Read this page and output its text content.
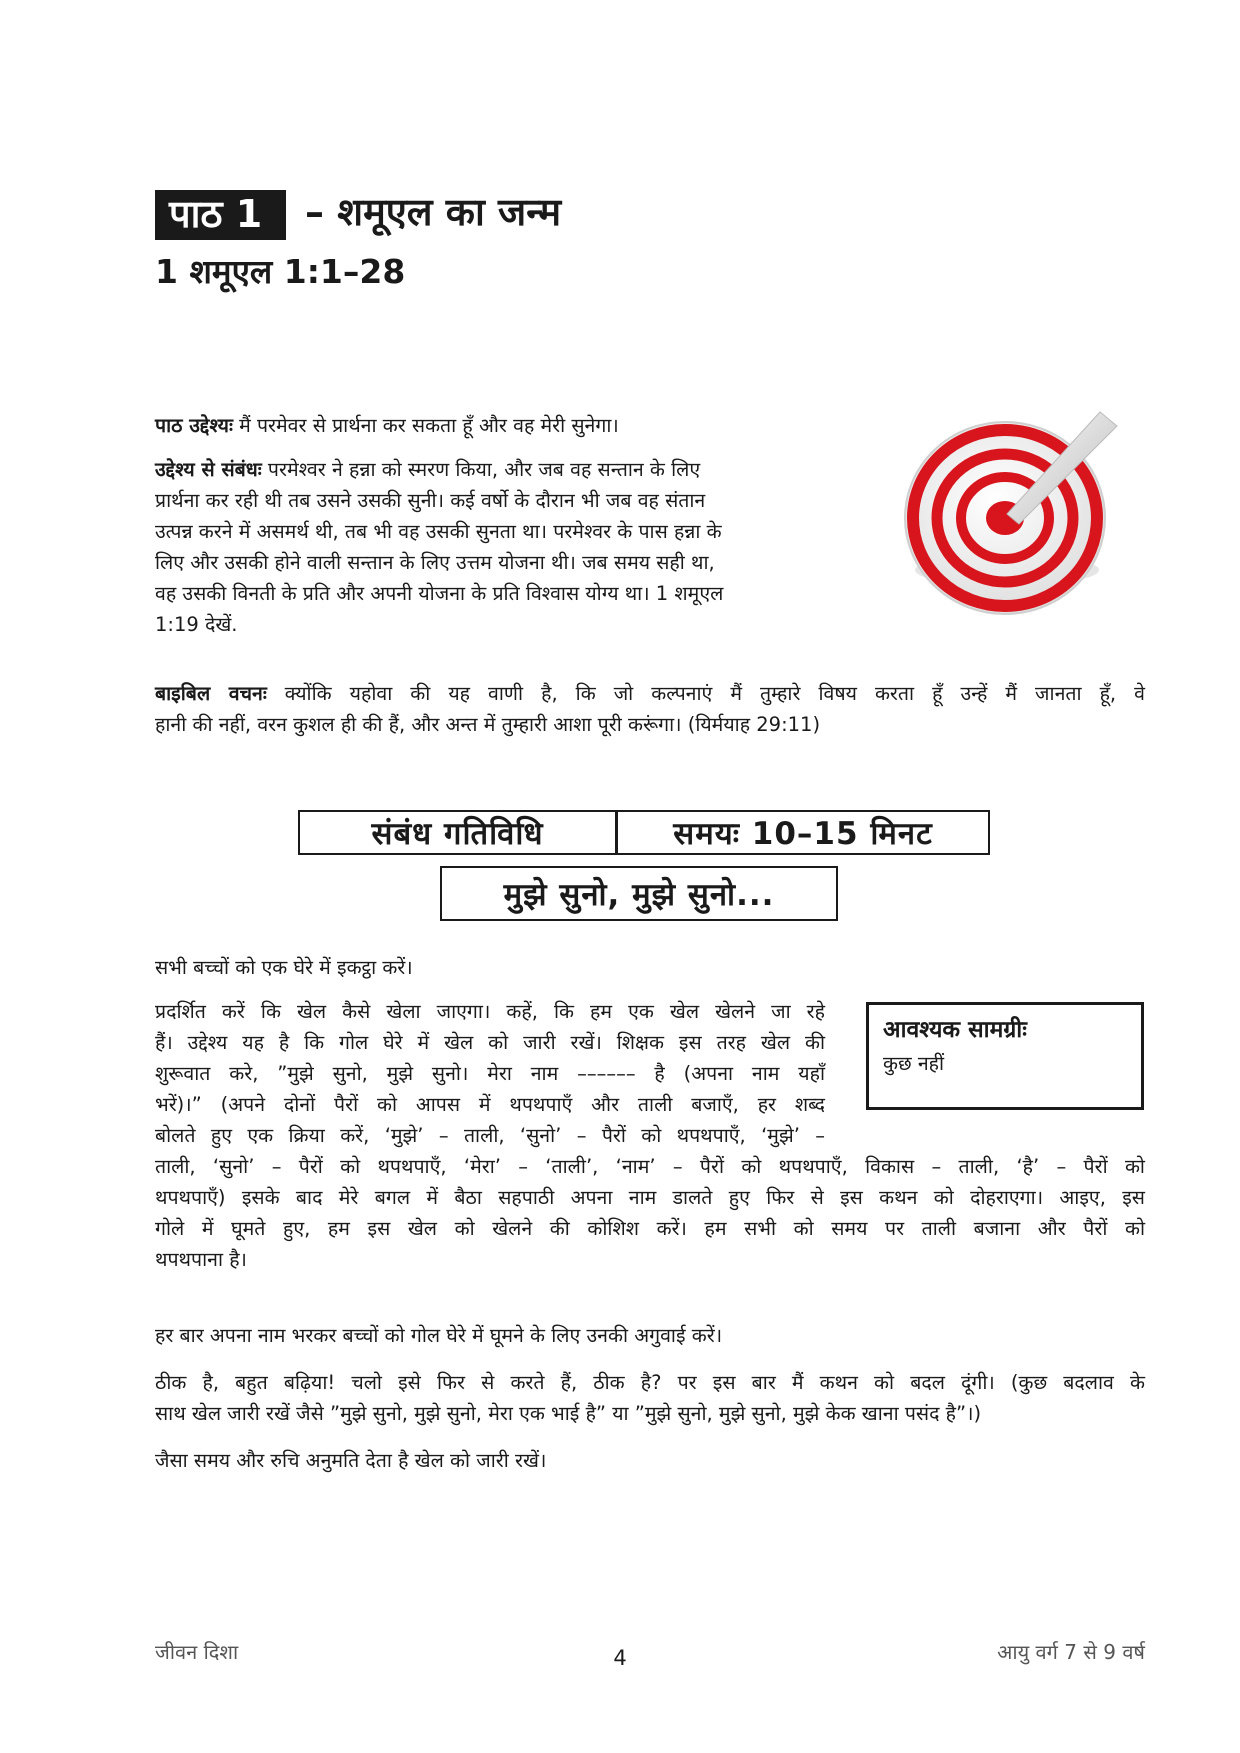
पाठ 1	– शमूएल का जन्म
1 शमूएल 1:1–28
पाठ उद्देश्यः मैं परमेवर से प्रार्थना कर सकता हूँ और वह मेरी सुनेगा।
उद्देश्य से संबंधः परमेश्वर ने हन्ना को स्मरण किया, और जब वह सन्तान के लिए
प्रार्थना कर रही थी तब उसने उसकी सुनी। कई वर्षो के दौरान भी जब वह संतान
उत्पन्न करने में असमर्थ थी, तब भी वह उसकी सुनता था। परमेश्वर के पास हन्ना के
लिए और उसकी होने वाली सन्तान के लिए उत्तम योजना थी। जब समय सही था,
वह उसकी विनती के प्रति और अपनी योजना के प्रति विश्वास योग्य था। 1 शमूएल
1:19 देखें.
बाइबिल वचनः क्योंकि यहोवा की यह वाणी है, कि जो कल्पनाएं मैं तुम्हारे विषय करता हूँ उन्हें मैं जानता हूँ, वे
हानी की नहीं, वरन कुशल ही की हैं, और अन्त में तुम्हारी आशा पूरी करूंगा। (यिर्मयाह 29:11)
संबंध गतिविधि	समयः 10–15 मिनट
मुझे सुनो, मुझे सुनो...
सभी बच्चों को एक घेरे में इकट्ठा करें।
आवश्यक सामग्रीः
कुछ नहीं
प्रदर्शित करें कि खेल कैसे खेला जाएगा। कहें, कि हम एक खेल खेलने जा रहे
हैं। उद्देश्य यह है कि गोल घेरे में खेल को जारी रखें। शिक्षक इस तरह खेल की
शुरूवात करे, ”मुझे सुनो, मुझे सुनो। मेरा नाम –––––– है (अपना नाम यहाँ
भरें)।” (अपने दोनों पैरों को आपस में थपथपाएँ और ताली बजाएँ, हर शब्द
बोलते हुए एक क्रिया करें, ‘मुझे’ – ताली, ‘सुनो’ – पैरों को थपथपाएँ, ‘मुझे’ –
ताली, ‘सुनो’ – पैरों को थपथपाएँ, ‘मेरा’ – ‘ताली’, ‘नाम’ – पैरों को थपथपाएँ, विकास – ताली, ‘है’ – पैरों को
थपथपाएँ) इसके बाद मेरे बगल में बैठा सहपाठी अपना नाम डालते हुए फिर से इस कथन को दोहराएगा। आइए, इस
गोले में घूमते हुए, हम इस खेल को खेलने की कोशिश करें। हम सभी को समय पर ताली बजाना और पैरों को
थपथपाना है।
हर बार अपना नाम भरकर बच्चों को गोल घेरे में घूमने के लिए उनकी अगुवाई करें।
ठीक है, बहुत बढ़िया! चलो इसे फिर से करते हैं, ठीक है? पर इस बार मैं कथन को बदल दूंगी। (कुछ बदलाव के
साथ खेल जारी रखें जैसे ”मुझे सुनो, मुझे सुनो, मेरा एक भाई है” या ”मुझे सुनो, मुझे सुनो, मुझे केक खाना पसंद है”।)
जैसा समय और रुचि अनुमति देता है खेल को जारी रखें।
जीवन दिशा	4	आयु वर्ग 7 से 9 वर्ष
